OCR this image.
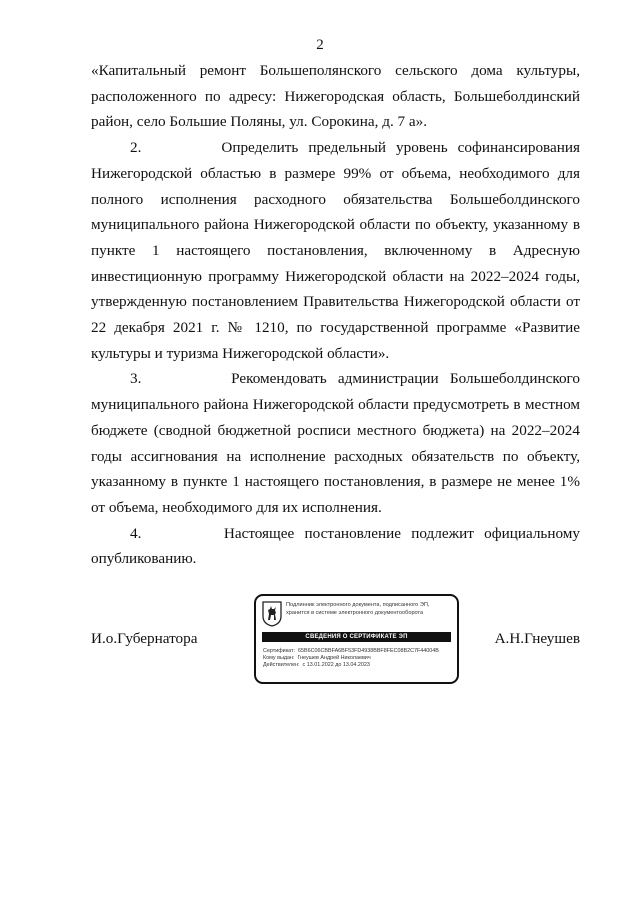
2

«Капитальный ремонт Большеполянского сельского дома культуры, расположенного по адресу: Нижегородская область, Большеболдинский район, село Большие Поляны, ул. Сорокина, д. 7 а».

2.        Определить предельный уровень софинансирования Нижегородской областью в размере 99% от объема, необходимого для полного исполнения расходного обязательства Большеболдинского муниципального района Нижегородской области по объекту, указанному в пункте 1 настоящего постановления, включенному в Адресную инвестиционную программу Нижегородской области на 2022–2024 годы, утвержденную постановлением Правительства Нижегородской области от 22 декабря 2021 г. № 1210, по государственной программе «Развитие культуры и туризма Нижегородской области».

3.        Рекомендовать администрации Большеболдинского муниципального района Нижегородской области предусмотреть в местном бюджете (сводной бюджетной росписи местного бюджета) на 2022–2024 годы ассигнования на исполнение расходных обязательств по объекту, указанному в пункте 1 настоящего постановления, в размере не менее 1% от объема, необходимого для их исполнения.

4.        Настоящее постановление подлежит официальному опубликованию.

И.о.Губернатора	А.Н.Гнеушев
Подлинник электронного документа, подписанного ЭП,
хранится в системе электронного документооборота
СВЕДЕНИЯ О СЕРТИФИКАТЕ ЭП
Сертификат: 65B6C06CBBFA6BF53FD4938BBF8FEC08B2C7F44004B
Кому выдан: Гнеушев Андрей Николаевич
Действителен: с 13.01.2022 до 13.04.2023
